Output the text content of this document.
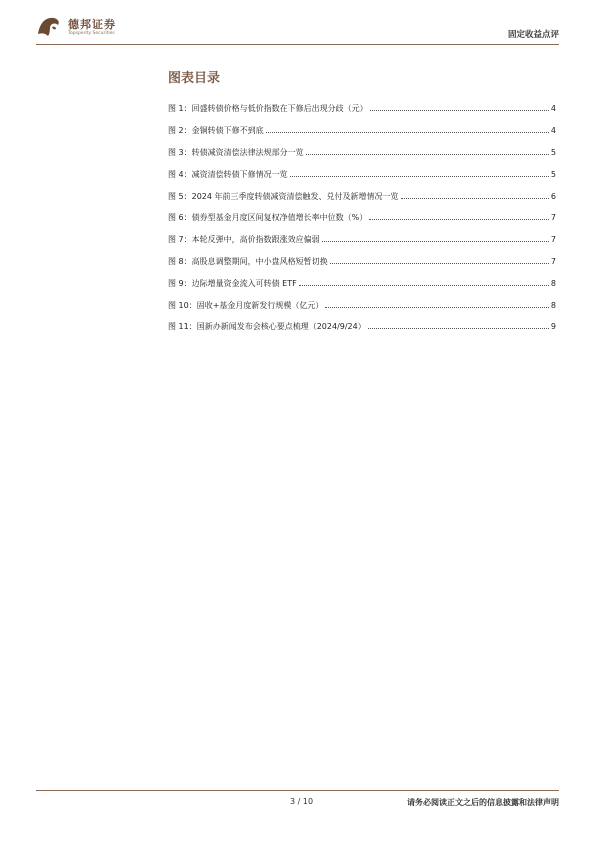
德邦证券
Topsperity Securities	固定收益点评
图表目录
图 1：回盛转债价格与低价指数在下修后出现分歧（元）	4
图 2：金铜转债下修不到底	4
图 3：转债减资清偿法律法规部分一览	5
图 4：减资清偿转债下修情况一览	5
图 5：2024 年前三季度转债减资清偿触发、兑付及新增情况一览	6
图 6：债券型基金月度区间复权净值增长率中位数（%）	7
图 7：本轮反弹中，高价指数跟涨效应偏弱	7
图 8：高股息调整期间，中小盘风格短暂切换	7
图 9：边际增量资金流入可转债 ETF	8
图 10：固收+基金月度新发行规模（亿元）	8
图 11：国新办新闻发布会核心要点梳理（2024/9/24）	9
3 / 10	请务必阅读正文之后的信息披露和法律声明
